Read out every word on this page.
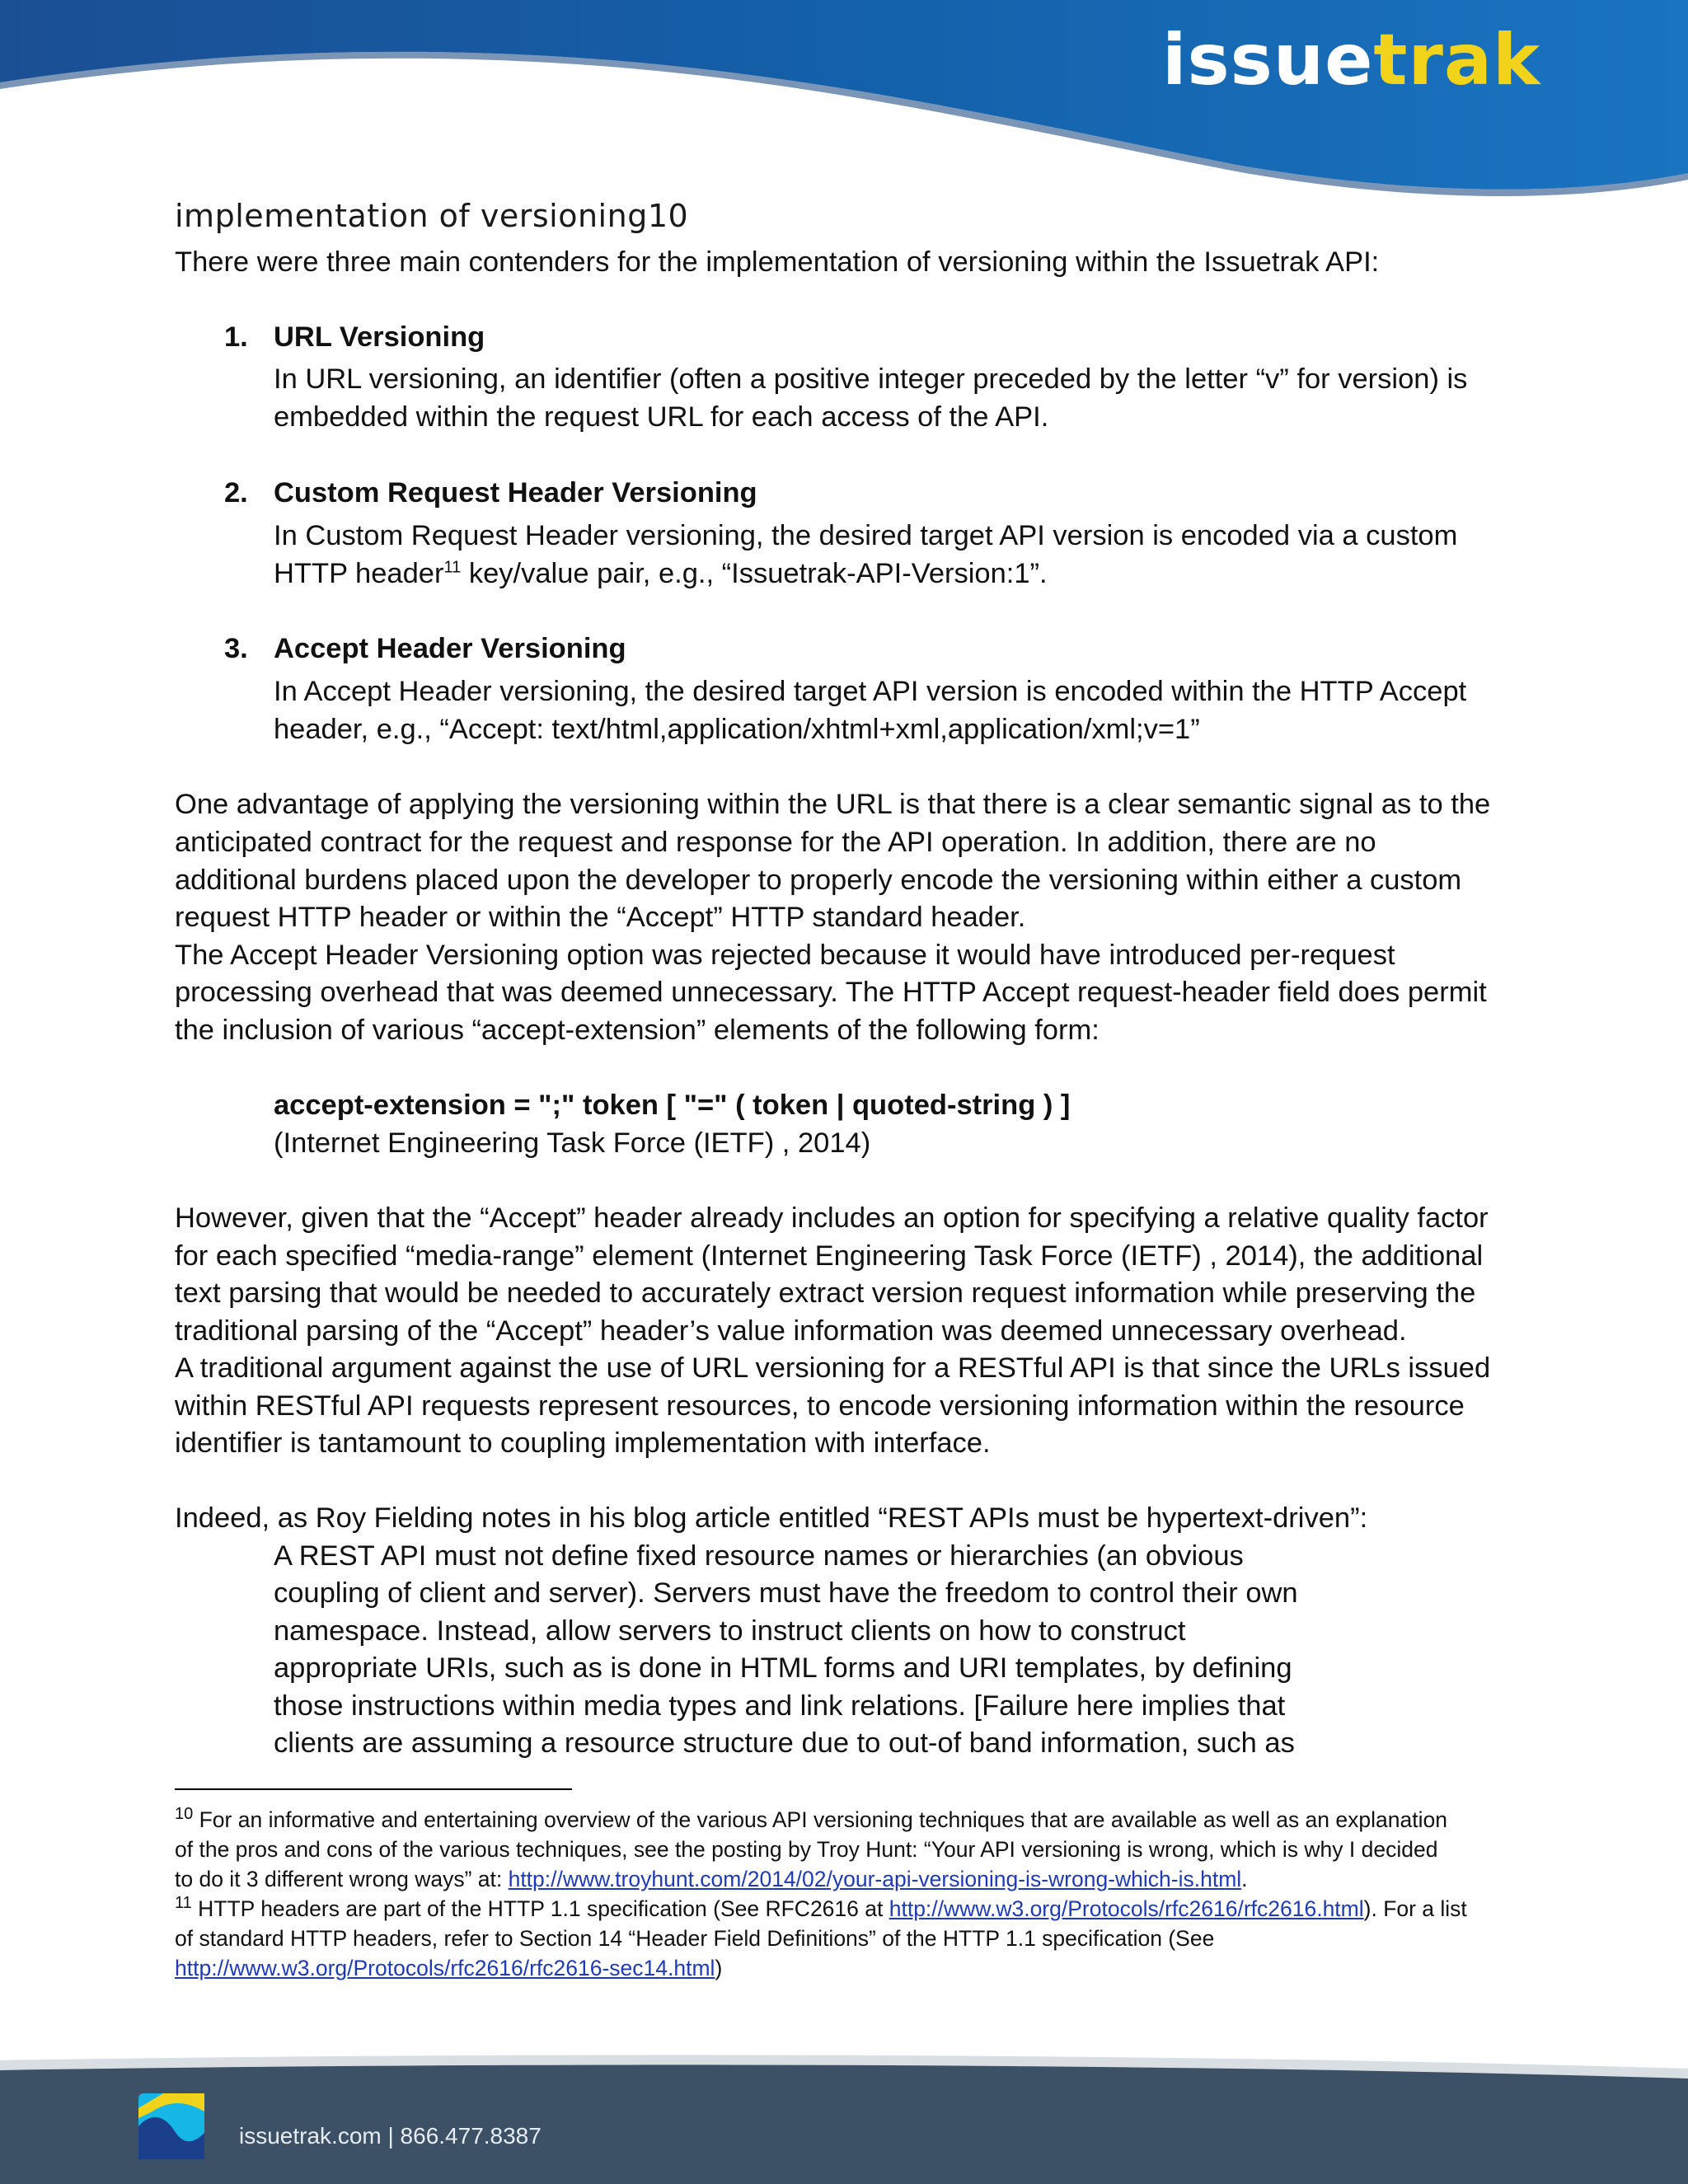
issuetrak
implementation of versioning10

There were three main contenders for the implementation of versioning within the Issuetrak API:

1. URL Versioning

In URL versioning, an identifier (often a positive integer preceded by the letter “v” for version) is

embedded within the request URL for each access of the API.

2. Custom Request Header Versioning

In Custom Request Header versioning, the desired target API version is encoded via a custom

HTTP header$^{11}$ key/value pair, e.g., “Issuetrak-API-Version:1”.

3. Accept Header Versioning

In Accept Header versioning, the desired target API version is encoded within the HTTP Accept

header, e.g., “Accept: text/html,application/xhtml+xml,application/xml;v=1”

One advantage of applying the versioning within the URL is that there is a clear semantic signal as to the

anticipated contract for the request and response for the API operation. In addition, there are no

additional burdens placed upon the developer to properly encode the versioning within either a custom

request HTTP header or within the “Accept” HTTP standard header.

The Accept Header Versioning option was rejected because it would have introduced per-request

processing overhead that was deemed unnecessary. The HTTP Accept request-header field does permit

the inclusion of various “accept-extension” elements of the following form:

accept-extension = ";" token [ "=" ( token | quoted-string ) ]

(Internet Engineering Task Force (IETF) , 2014)

However, given that the “Accept” header already includes an option for specifying a relative quality factor

for each specified “media-range” element (Internet Engineering Task Force (IETF) , 2014), the additional

text parsing that would be needed to accurately extract version request information while preserving the

traditional parsing of the “Accept” header’s value information was deemed unnecessary overhead.

A traditional argument against the use of URL versioning for a RESTful API is that since the URLs issued

within RESTful API requests represent resources, to encode versioning information within the resource

identifier is tantamount to coupling implementation with interface.

Indeed, as Roy Fielding notes in his blog article entitled “REST APIs must be hypertext-driven”:

A REST API must not define fixed resource names or hierarchies (an obvious

coupling of client and server). Servers must have the freedom to control their own

namespace. Instead, allow servers to instruct clients on how to construct

appropriate URIs, such as is done in HTML forms and URI templates, by defining

those instructions within media types and link relations. [Failure here implies that

clients are assuming a resource structure due to out-of band information, such as

$^{10}$ For an informative and entertaining overview of the various API versioning techniques that are available as well as an explanation

of the pros and cons of the various techniques, see the posting by Troy Hunt: “Your API versioning is wrong, which is why I decided

to do it 3 different wrong ways” at: http://www.troyhunt.com/2014/02/your-api-versioning-is-wrong-which-is.html.

$^{11}$ HTTP headers are part of the HTTP 1.1 specification (See RFC2616 at http://www.w3.org/Protocols/rfc2616/rfc2616.html). For a list

of standard HTTP headers, refer to Section 14 “Header Field Definitions” of the HTTP 1.1 specification (See

http://www.w3.org/Protocols/rfc2616/rfc2616-sec14.html)

issuetrak.com | 866.477.8387
